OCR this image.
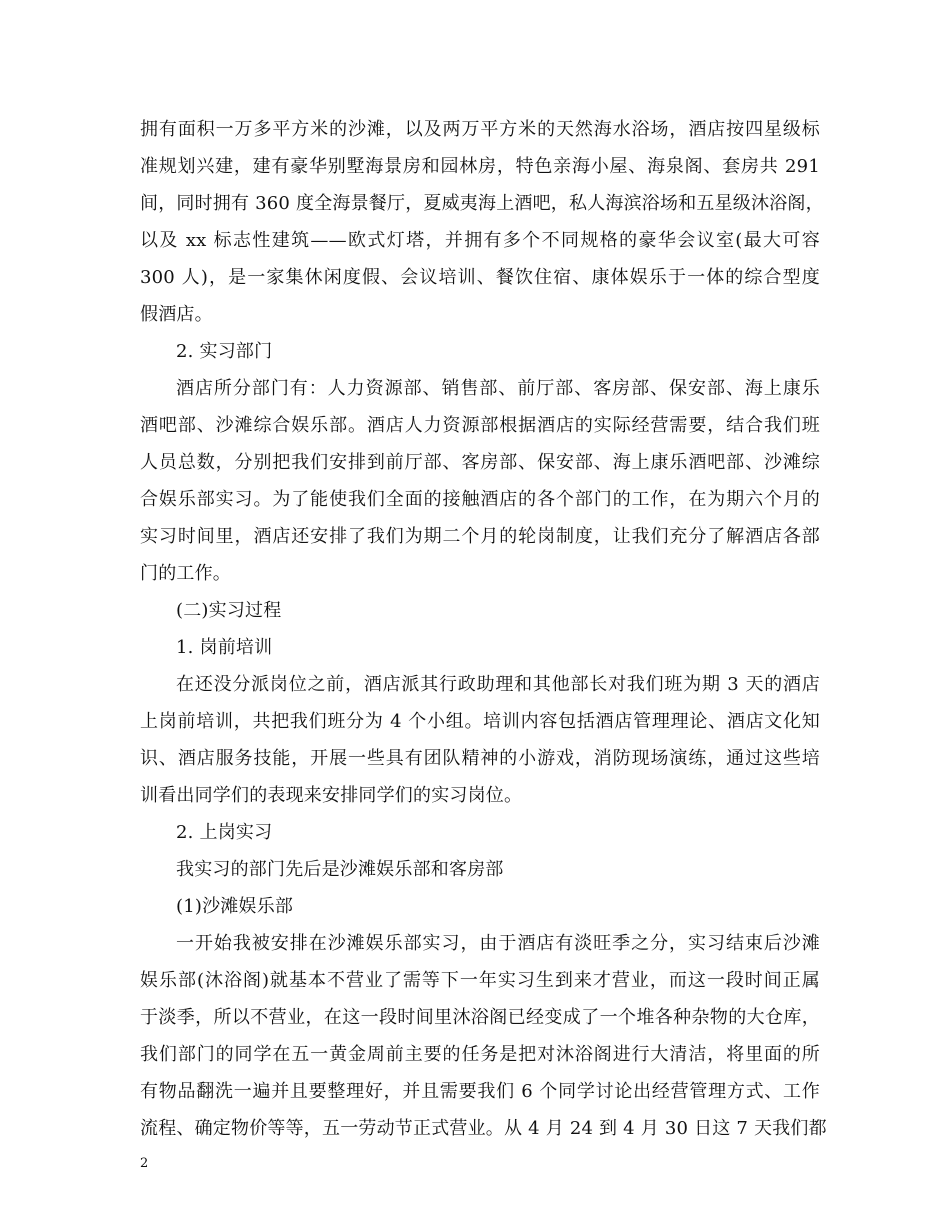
拥有面积一万多平方米的沙滩，以及两万平方米的天然海水浴场，酒店按四星级标
准规划兴建，建有豪华别墅海景房和园林房，特色亲海小屋、海泉阁、套房共 291
间，同时拥有 360 度全海景餐厅，夏威夷海上酒吧，私人海滨浴场和五星级沐浴阁，
以及 xx 标志性建筑——欧式灯塔，并拥有多个不同规格的豪华会议室(最大可容
300 人)，是一家集休闲度假、会议培训、餐饮住宿、康体娱乐于一体的综合型度
假酒店。
2. 实习部门
酒店所分部门有：人力资源部、销售部、前厅部、客房部、保安部、海上康乐
酒吧部、沙滩综合娱乐部。酒店人力资源部根据酒店的实际经营需要，结合我们班
人员总数，分别把我们安排到前厅部、客房部、保安部、海上康乐酒吧部、沙滩综
合娱乐部实习。为了能使我们全面的接触酒店的各个部门的工作，在为期六个月的
实习时间里，酒店还安排了我们为期二个月的轮岗制度，让我们充分了解酒店各部
门的工作。
(二)实习过程
1. 岗前培训
在还没分派岗位之前，酒店派其行政助理和其他部长对我们班为期 3 天的酒店
上岗前培训，共把我们班分为 4 个小组。培训内容包括酒店管理理论、酒店文化知
识、酒店服务技能，开展一些具有团队精神的小游戏，消防现场演练，通过这些培
训看出同学们的表现来安排同学们的实习岗位。
2. 上岗实习
我实习的部门先后是沙滩娱乐部和客房部
(1)沙滩娱乐部
一开始我被安排在沙滩娱乐部实习，由于酒店有淡旺季之分，实习结束后沙滩
娱乐部(沐浴阁)就基本不营业了需等下一年实习生到来才营业，而这一段时间正属
于淡季，所以不营业，在这一段时间里沐浴阁已经变成了一个堆各种杂物的大仓库，
我们部门的同学在五一黄金周前主要的任务是把对沐浴阁进行大清洁，将里面的所
有物品翻洗一遍并且要整理好，并且需要我们 6 个同学讨论出经营管理方式、工作
流程、确定物价等等，五一劳动节正式营业。从 4 月 24 到 4 月 30 日这 7 天我们都
2
